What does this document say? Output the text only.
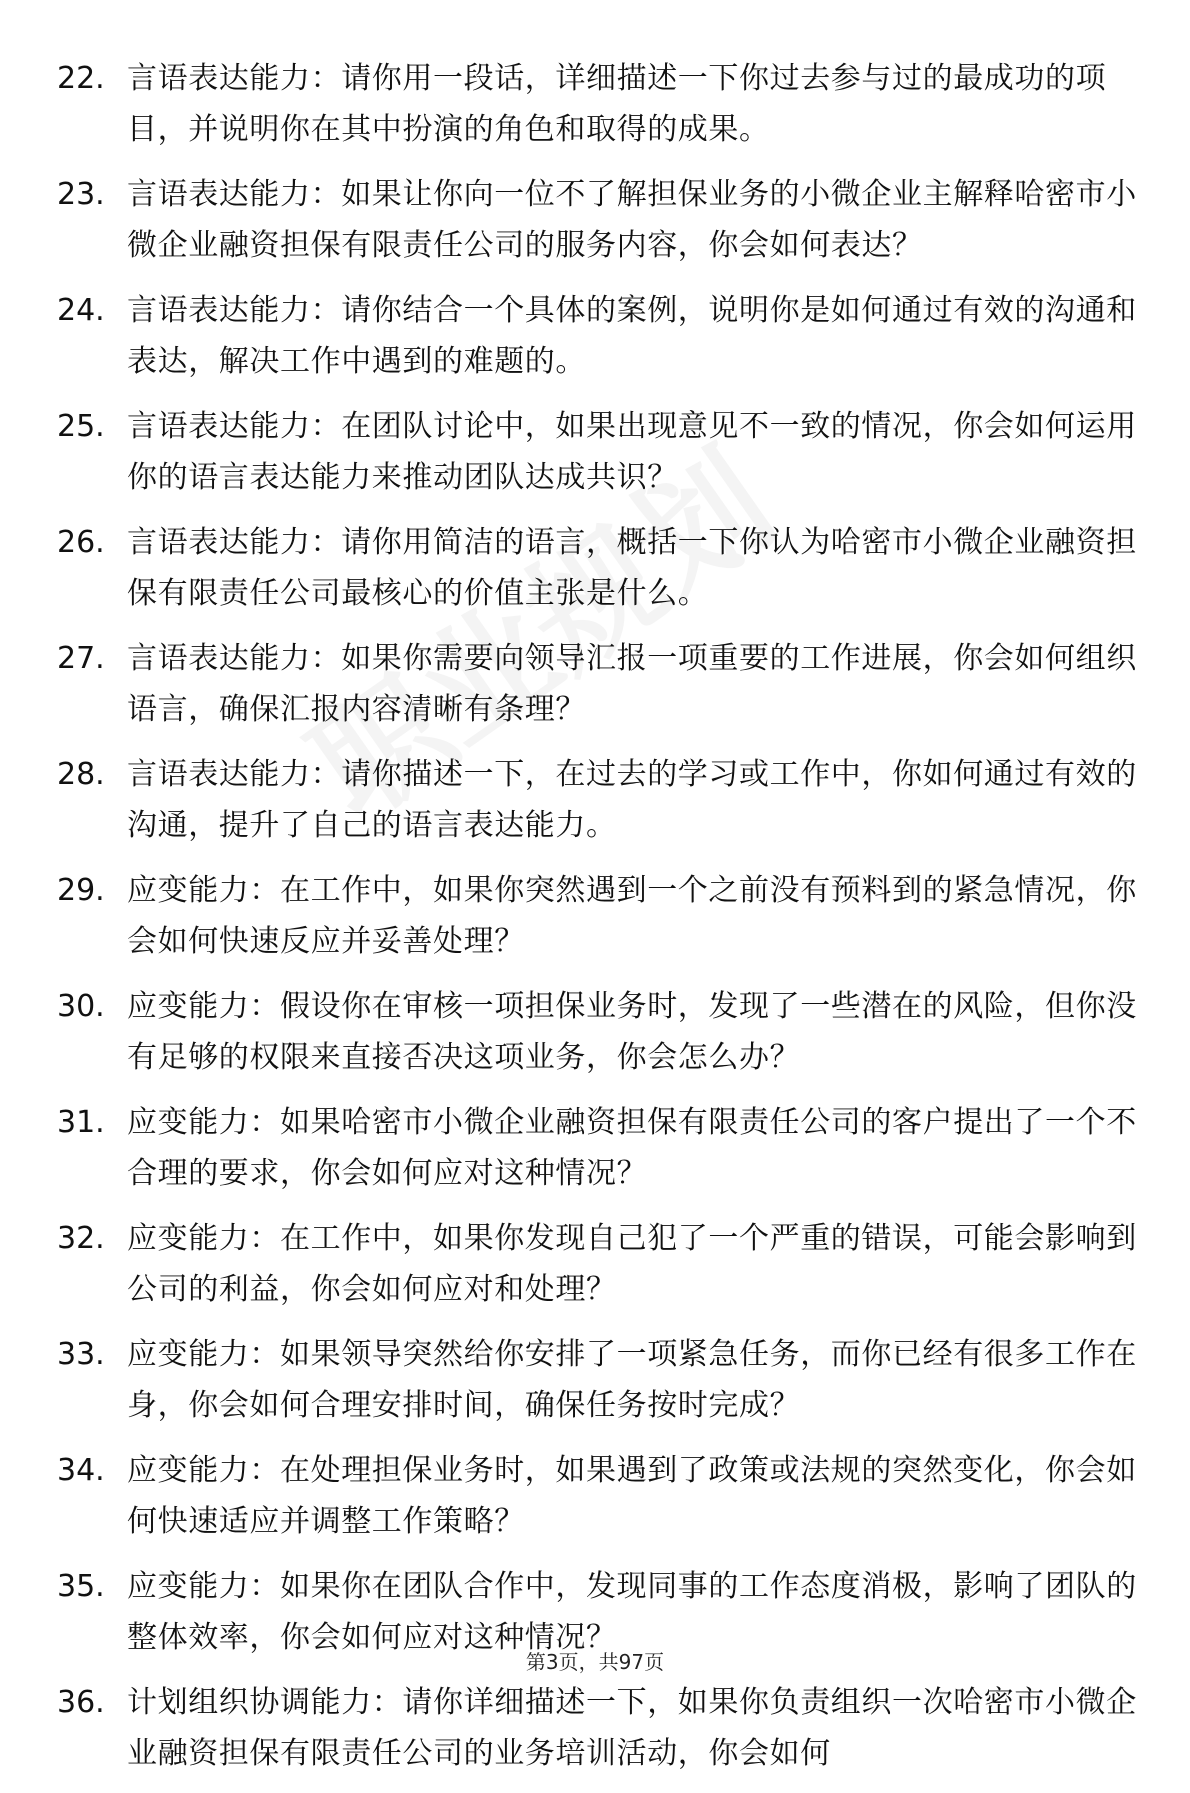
22. 言语表达能力：请你用一段话，详细描述一下你过去参与过的最成功的项目，并说明你在其中扮演的角色和取得的成果。
23. 言语表达能力：如果让你向一位不了解担保业务的小微企业主解释哈密市小微企业融资担保有限责任公司的服务内容，你会如何表达？
24. 言语表达能力：请你结合一个具体的案例，说明你是如何通过有效的沟通和表达，解决工作中遇到的难题的。
25. 言语表达能力：在团队讨论中，如果出现意见不一致的情况，你会如何运用你的语言表达能力来推动团队达成共识？
26. 言语表达能力：请你用简洁的语言，概括一下你认为哈密市小微企业融资担保有限责任公司最核心的价值主张是什么。
27. 言语表达能力：如果你需要向领导汇报一项重要的工作进展，你会如何组织语言，确保汇报内容清晰有条理？
28. 言语表达能力：请你描述一下，在过去的学习或工作中，你如何通过有效的沟通，提升了自己的语言表达能力。
29. 应变能力：在工作中，如果你突然遇到一个之前没有预料到的紧急情况，你会如何快速反应并妥善处理？
30. 应变能力：假设你在审核一项担保业务时，发现了一些潜在的风险，但你没有足够的权限来直接否决这项业务，你会怎么办？
31. 应变能力：如果哈密市小微企业融资担保有限责任公司的客户提出了一个不合理的要求，你会如何应对这种情况？
32. 应变能力：在工作中，如果你发现自己犯了一个严重的错误，可能会影响到公司的利益，你会如何应对和处理？
33. 应变能力：如果领导突然给你安排了一项紧急任务，而你已经有很多工作在身，你会如何合理安排时间，确保任务按时完成？
34. 应变能力：在处理担保业务时，如果遇到了政策或法规的突然变化，你会如何快速适应并调整工作策略？
35. 应变能力：如果你在团队合作中，发现同事的工作态度消极，影响了团队的整体效率，你会如何应对这种情况？
36. 计划组织协调能力：请你详细描述一下，如果你负责组织一次哈密市小微企业融资担保有限责任公司的业务培训活动，你会如何
第3页，共97页
